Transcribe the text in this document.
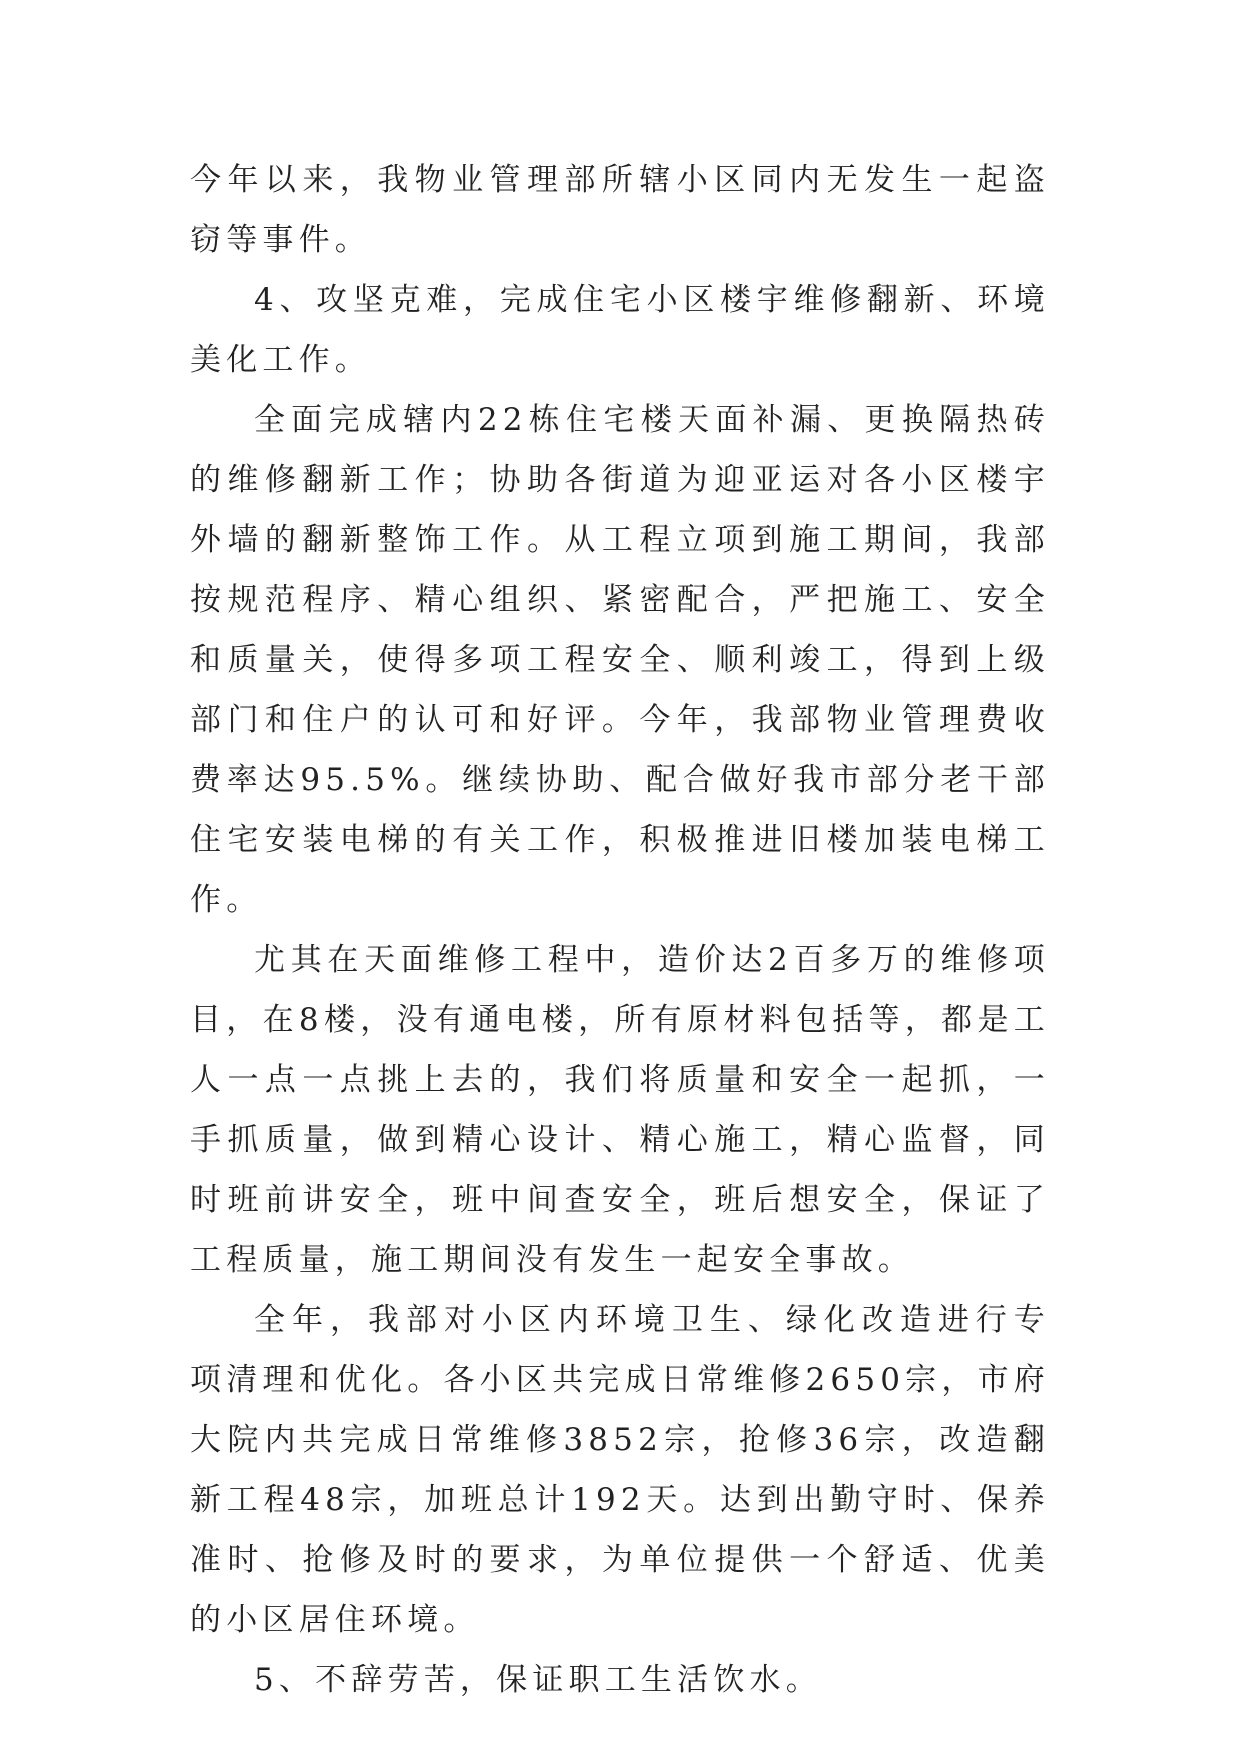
今年以来，我物业管理部所辖小区同内无发生一起盗窃等事件。

4、攻坚克难，完成住宅小区楼宇维修翻新、环境美化工作。

全面完成辖内22栋住宅楼天面补漏、更换隔热砖的维修翻新工作；协助各街道为迎亚运对各小区楼宇外墙的翻新整饰工作。从工程立项到施工期间，我部按规范程序、精心组织、紧密配合，严把施工、安全和质量关，使得多项工程安全、顺利竣工，得到上级部门和住户的认可和好评。今年，我部物业管理费收费率达95.5%。继续协助、配合做好我市部分老干部住宅安装电梯的有关工作，积极推进旧楼加装电梯工作。

尤其在天面维修工程中，造价达2百多万的维修项目，在8楼，没有通电楼，所有原材料包括等，都是工人一点一点挑上去的，我们将质量和安全一起抓，一手抓质量，做到精心设计、精心施工，精心监督，同时班前讲安全，班中间查安全，班后想安全，保证了工程质量，施工期间没有发生一起安全事故。

全年，我部对小区内环境卫生、绿化改造进行专项清理和优化。各小区共完成日常维修2650宗，市府大院内共完成日常维修3852宗，抢修36宗，改造翻新工程48宗，加班总计192天。达到出勤守时、保养准时、抢修及时的要求，为单位提供一个舒适、优美的小区居住环境。

5、不辞劳苦，保证职工生活饮水。
